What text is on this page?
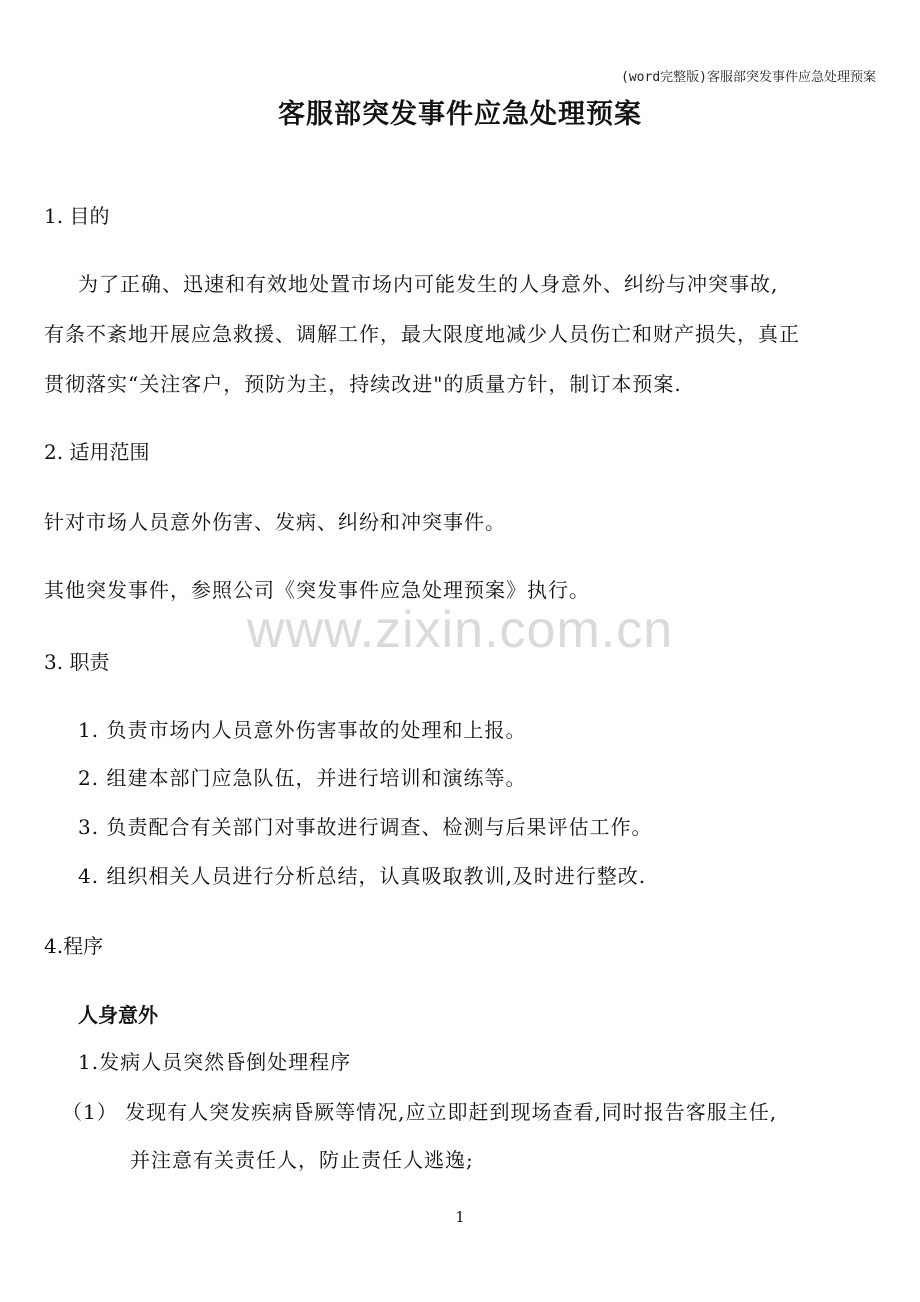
(word完整版)客服部突发事件应急处理预案
客服部突发事件应急处理预案
1. 目的
为了正确、迅速和有效地处置市场内可能发生的人身意外、纠纷与冲突事故,
有条不紊地开展应急救援、调解工作，最大限度地减少人员伤亡和财产损失，真正
贯彻落实“关注客户，预防为主，持续改进"的质量方针，制订本预案.
2. 适用范围
针对市场人员意外伤害、发病、纠纷和冲突事件。
其他突发事件，参照公司《突发事件应急处理预案》执行。
www.zixin.com.cn
3. 职责
1. 负责市场内人员意外伤害事故的处理和上报。
2. 组建本部门应急队伍，并进行培训和演练等。
3. 负责配合有关部门对事故进行调查、检测与后果评估工作。
4. 组织相关人员进行分析总结，认真吸取教训,及时进行整改.
4.程序
人身意外
1.发病人员突然昏倒处理程序
（1） 发现有人突发疾病昏厥等情况,应立即赶到现场查看,同时报告客服主任,
并注意有关责任人，防止责任人逃逸;
1
